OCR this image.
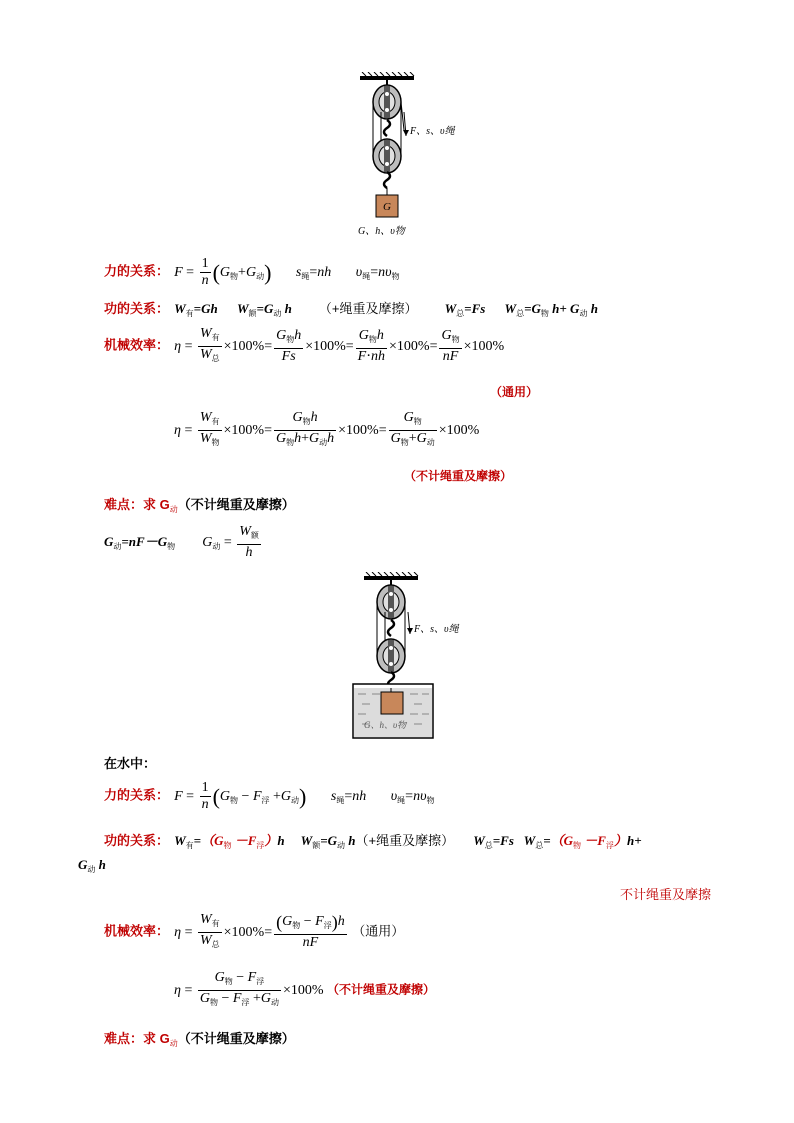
F、s、υ绳
G
G、h、υ物
力的关系： $F = \frac{1}{n} (G_物+G_动)$ $s_绳=nh$ $\upsilon_绳=n\upsilon_物$
功的关系： $W_有=Gh$      $W_额=G_动$ h （+绳重及摩擦） $W_总=Fs$      $W_总=G_物$ $h+ G_动$ h
机械效率： $\eta = \frac{W_有}{W_总} \times 100\%= \frac{G_物h}{Fs} \times 100\%= \frac{G_物h}{F\cdot nh} \times 100\%= \frac{G_物}{nF} \times 100\%$
（通用）
$\eta = \frac{W_有}{W_物} \times 100\%= \frac{G_物h}{G_物h+G_动h} \times 100\%= \frac{G_物}{G_物+G_动} \times 100\%$
（不计绳重及摩擦）
难点：求 $G_动$（不计绳重及摩擦）
$G_动=nF-G_物$ $G_动 = \frac{W_额}{h}$
F、s、υ绳
G、h、υ物
在水中：
力的关系： $F = \frac{1}{n} (G_物 - F_浮 +G_动)$ $s_绳=nh$ $\upsilon_绳=n\upsilon_物$
功的关系： $W_有=(G_物 -F_浮)h$     $W_额=G_动$ h（+绳重及摩擦） $W_总=Fs$   $W_总=(G_物 -F_浮)h+$
$G_动$ h
不计绳重及摩擦
机械效率： $\eta = \frac{W_有}{W_总} \times 100\%= \frac{(G_物 - F_浮)h}{nF}$ （通用）
$\eta = \frac{G_物 - F_浮}{G_物 - F_浮 +G_动} \times 100\%$ （不计绳重及摩擦）
难点：求 $G_动$（不计绳重及摩擦）
